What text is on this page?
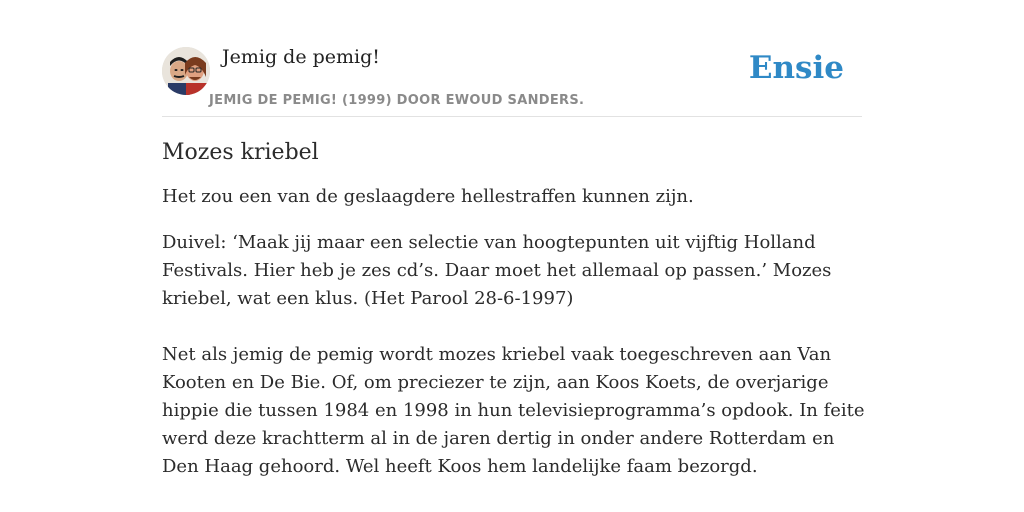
Jemig de pemig!
JEMIG DE PEMIG! (1999) DOOR EWOUD SANDERS.
Ensie
Mozes kriebel

Het zou een van de geslaagdere hellestraffen kunnen zijn.

Duivel: ‘Maak jij maar een selectie van hoogtepunten uit vijftig Holland Festivals. Hier heb je zes cd’s. Daar moet het allemaal op passen.’ Mozes kriebel, wat een klus. (Het Parool 28-6-1997)

Net als jemig de pemig wordt mozes kriebel vaak toegeschreven aan Van Kooten en De Bie. Of, om preciezer te zijn, aan Koos Koets, de overjarige hippie die tussen 1984 en 1998 in hun televisieprogramma’s opdook. In feite werd deze krachtterm al in de jaren dertig in onder andere Rotterdam en Den Haag gehoord. Wel heeft Koos hem landelijke faam bezorgd.
